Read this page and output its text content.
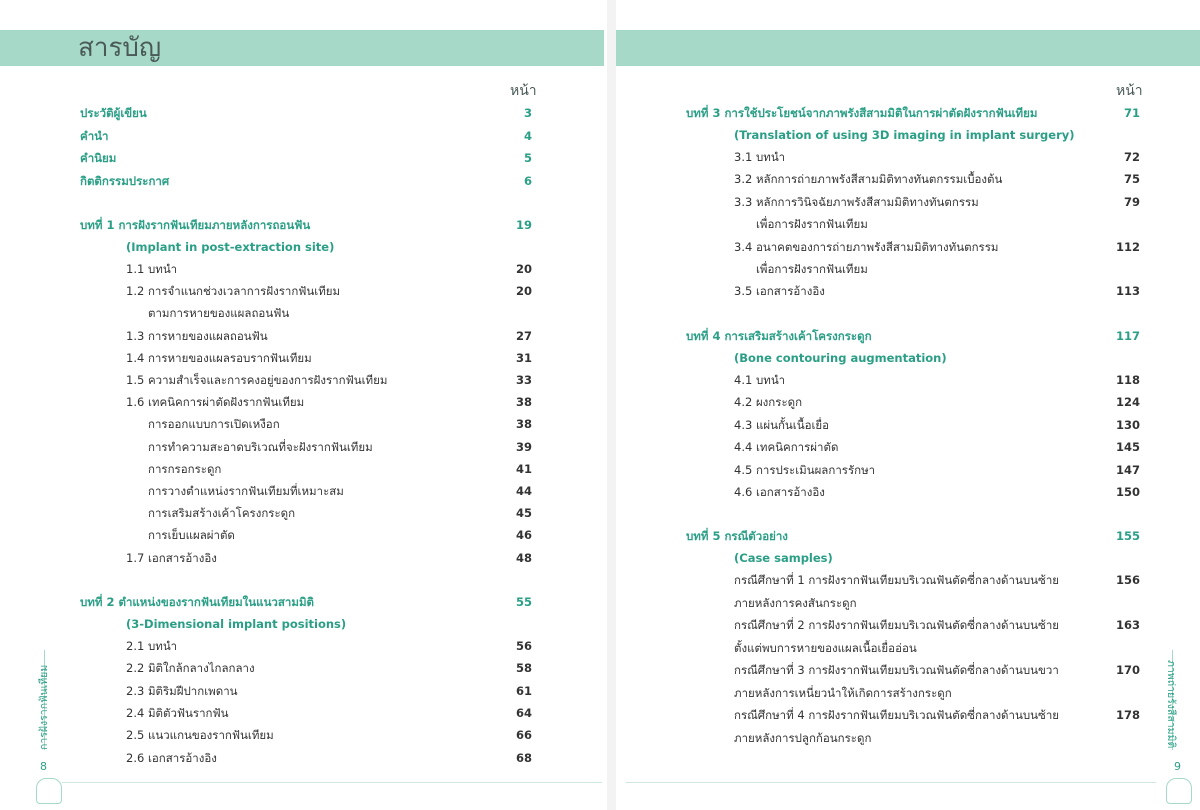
สารบัญ
หน้า
ประวัติผู้เขียน	3
คำนำ	4
คำนิยม	5
กิตติกรรมประกาศ	6
บทที่ 1 การฝังรากฟันเทียมภายหลังการถอนฟัน	19
(Implant in post-extraction site)
1.1 บทนำ	20
1.2 การจำแนกช่วงเวลาการฝังรากฟันเทียม	20
ตามการหายของแผลถอนฟัน
1.3 การหายของแผลถอนฟัน	27
1.4 การหายของแผลรอบรากฟันเทียม	31
1.5 ความสำเร็จและการคงอยู่ของการฝังรากฟันเทียม	33
1.6 เทคนิคการผ่าตัดฝังรากฟันเทียม	38
การออกแบบการเปิดเหงือก	38
การทำความสะอาดบริเวณที่จะฝังรากฟันเทียม	39
การกรอกระดูก	41
การวางตำแหน่งรากฟันเทียมที่เหมาะสม	44
การเสริมสร้างเค้าโครงกระดูก	45
การเย็บแผลผ่าตัด	46
1.7 เอกสารอ้างอิง	48
บทที่ 2 ตำแหน่งของรากฟันเทียมในแนวสามมิติ	55
(3-Dimensional implant positions)
2.1 บทนำ	56
2.2 มิติใกล้กลางไกลกลาง	58
2.3 มิติริมฝีปากเพดาน	61
2.4 มิติตัวฟันรากฟัน	64
2.5 แนวแกนของรากฟันเทียม	66
2.6 เอกสารอ้างอิง	68
การฝังรากฟันเทียม
8
หน้า
บทที่ 3 การใช้ประโยชน์จากภาพรังสีสามมิติในการผ่าตัดฝังรากฟันเทียม	71
(Translation of using 3D imaging in implant surgery)
3.1 บทนำ	72
3.2 หลักการถ่ายภาพรังสีสามมิติทางทันตกรรมเบื้องต้น	75
3.3 หลักการวินิจฉัยภาพรังสีสามมิติทางทันตกรรม	79
เพื่อการฝังรากฟันเทียม
3.4 อนาคตของการถ่ายภาพรังสีสามมิติทางทันตกรรม	112
เพื่อการฝังรากฟันเทียม
3.5 เอกสารอ้างอิง	113
บทที่ 4 การเสริมสร้างเค้าโครงกระดูก	117
(Bone contouring augmentation)
4.1 บทนำ	118
4.2 ผงกระดูก	124
4.3 แผ่นกั้นเนื้อเยื่อ	130
4.4 เทคนิคการผ่าตัด	145
4.5 การประเมินผลการรักษา	147
4.6 เอกสารอ้างอิง	150
บทที่ 5 กรณีตัวอย่าง	155
(Case samples)
กรณีศึกษาที่ 1 การฝังรากฟันเทียมบริเวณฟันตัดซี่กลางด้านบนซ้าย	156
ภายหลังการคงสันกระดูก
กรณีศึกษาที่ 2 การฝังรากฟันเทียมบริเวณฟันตัดซี่กลางด้านบนซ้าย	163
ตั้งแต่พบการหายของแผลเนื้อเยื่ออ่อน
กรณีศึกษาที่ 3 การฝังรากฟันเทียมบริเวณฟันตัดซี่กลางด้านบนขวา	170
ภายหลังการเหนี่ยวนำให้เกิดการสร้างกระดูก
กรณีศึกษาที่ 4 การฝังรากฟันเทียมบริเวณฟันตัดซี่กลางด้านบนซ้าย	178
ภายหลังการปลูกก้อนกระดูก
9
ภาพถ่ายรังสีสามมิติ
